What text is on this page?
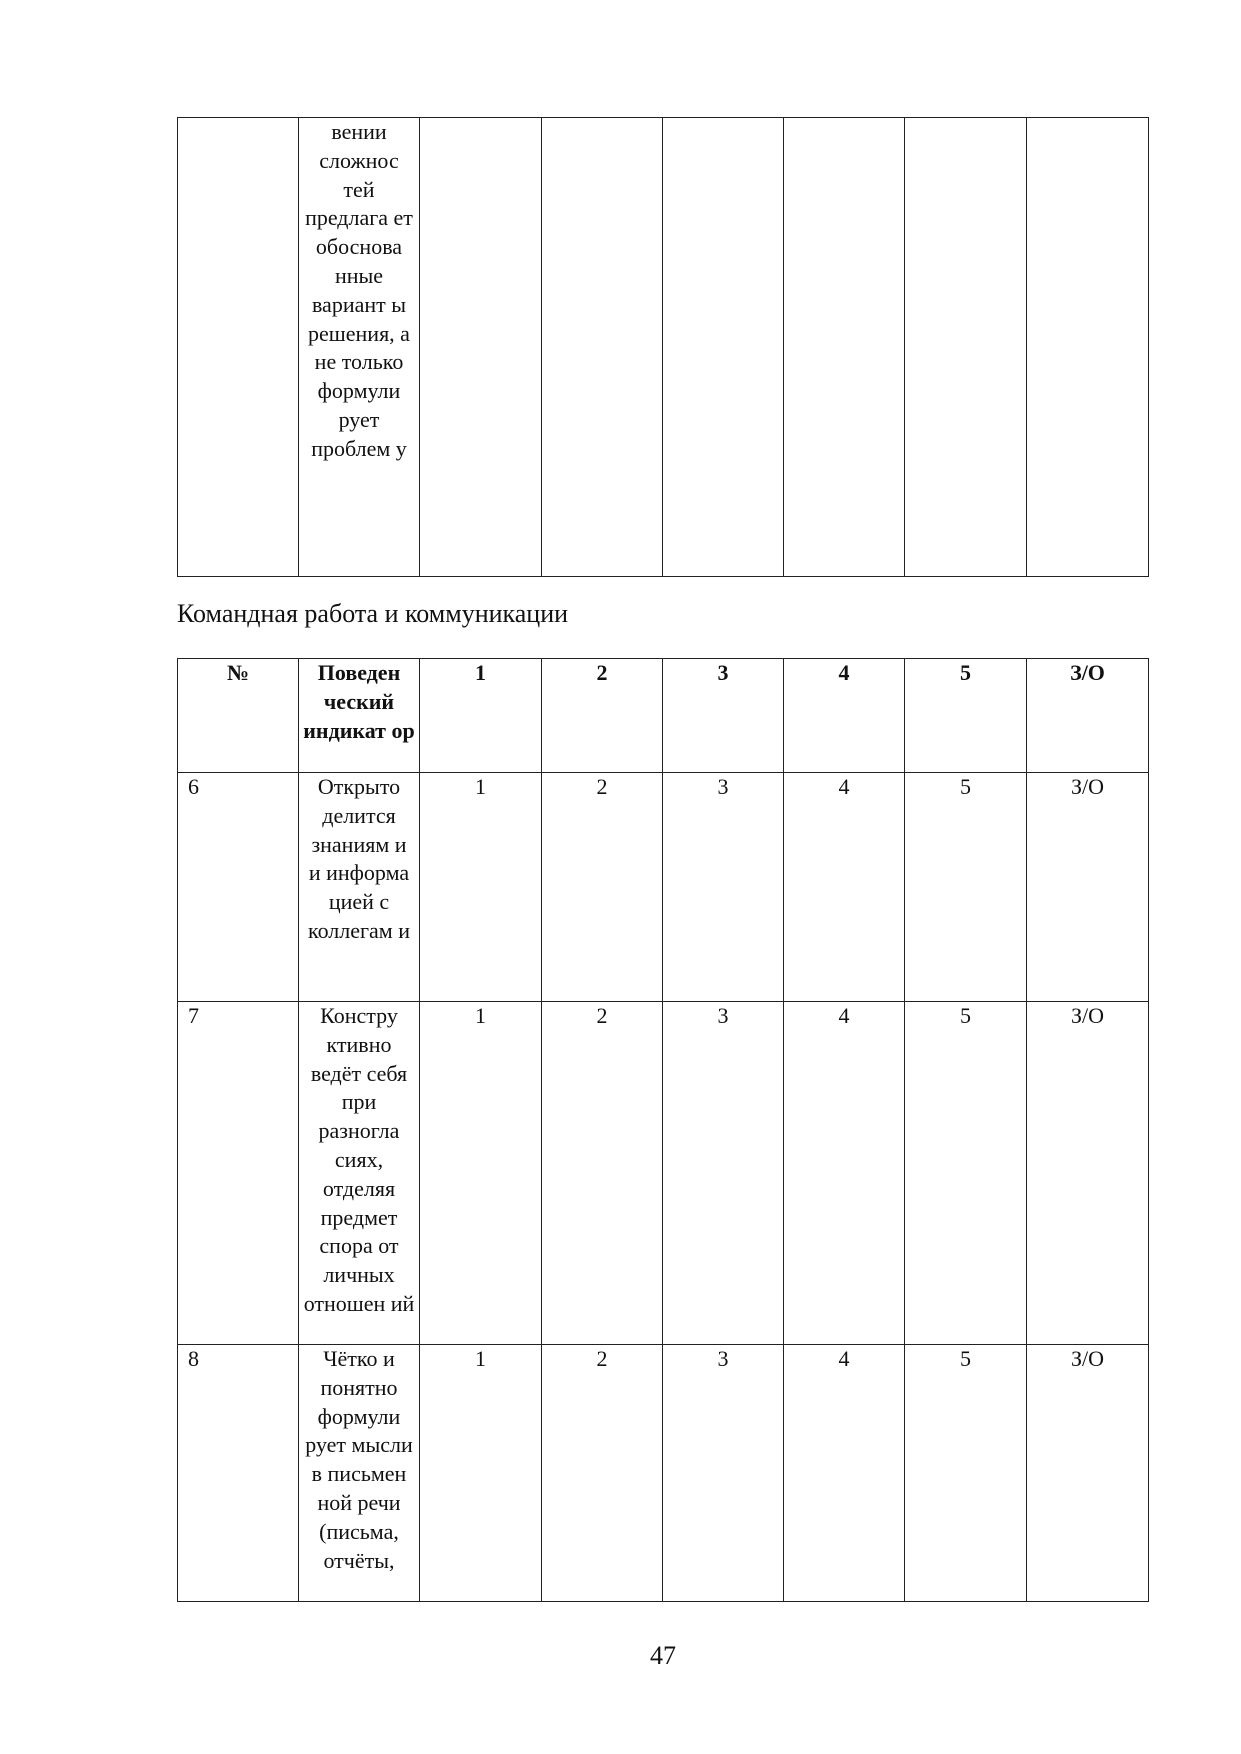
	вении сложнос тей предлага ет обоснова нные вариант ы решения, а не только формули рует проблем у						
Командная работа и коммуникации
№	Поведен ческий индикат ор	1	2	3	4	5	З/О
6	Открыто делится знаниям и и информа цией с коллегам и	1	2	3	4	5	З/О
7	Констру ктивно ведёт себя при разногла сиях, отделяя предмет спора от личных отношен ий	1	2	3	4	5	З/О
8	Чётко и понятно формули рует мысли в письмен ной речи (письма, отчёты,	1	2	3	4	5	З/О
47
